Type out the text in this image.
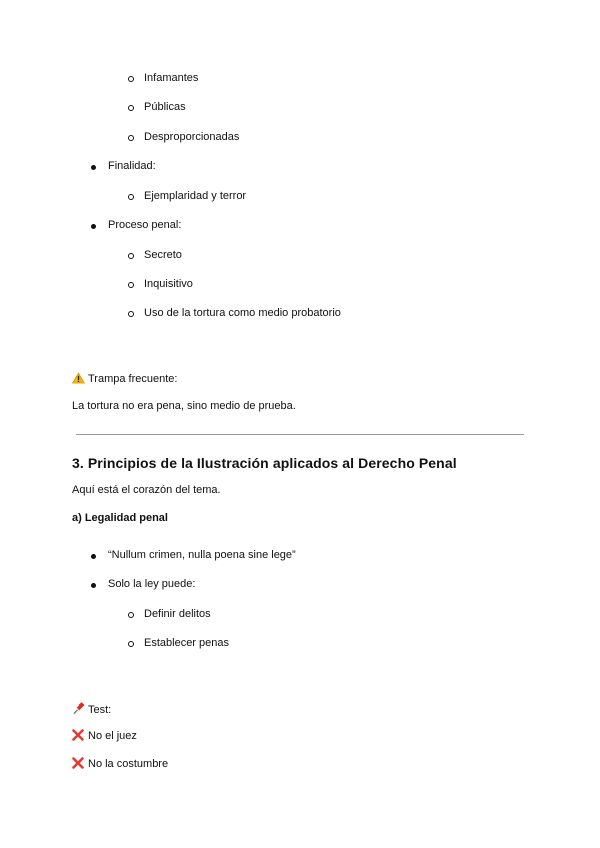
Infamantes
Públicas
Desproporcionadas
Finalidad:
Ejemplaridad y terror
Proceso penal:
Secreto
Inquisitivo
Uso de la tortura como medio probatorio
Trampa frecuente:
La tortura no era pena, sino medio de prueba.
3. Principios de la Ilustración aplicados al Derecho Penal
Aquí está el corazón del tema.
a) Legalidad penal
“Nullum crimen, nulla poena sine lege”
Solo la ley puede:
Definir delitos
Establecer penas
Test:
No el juez
No la costumbre
